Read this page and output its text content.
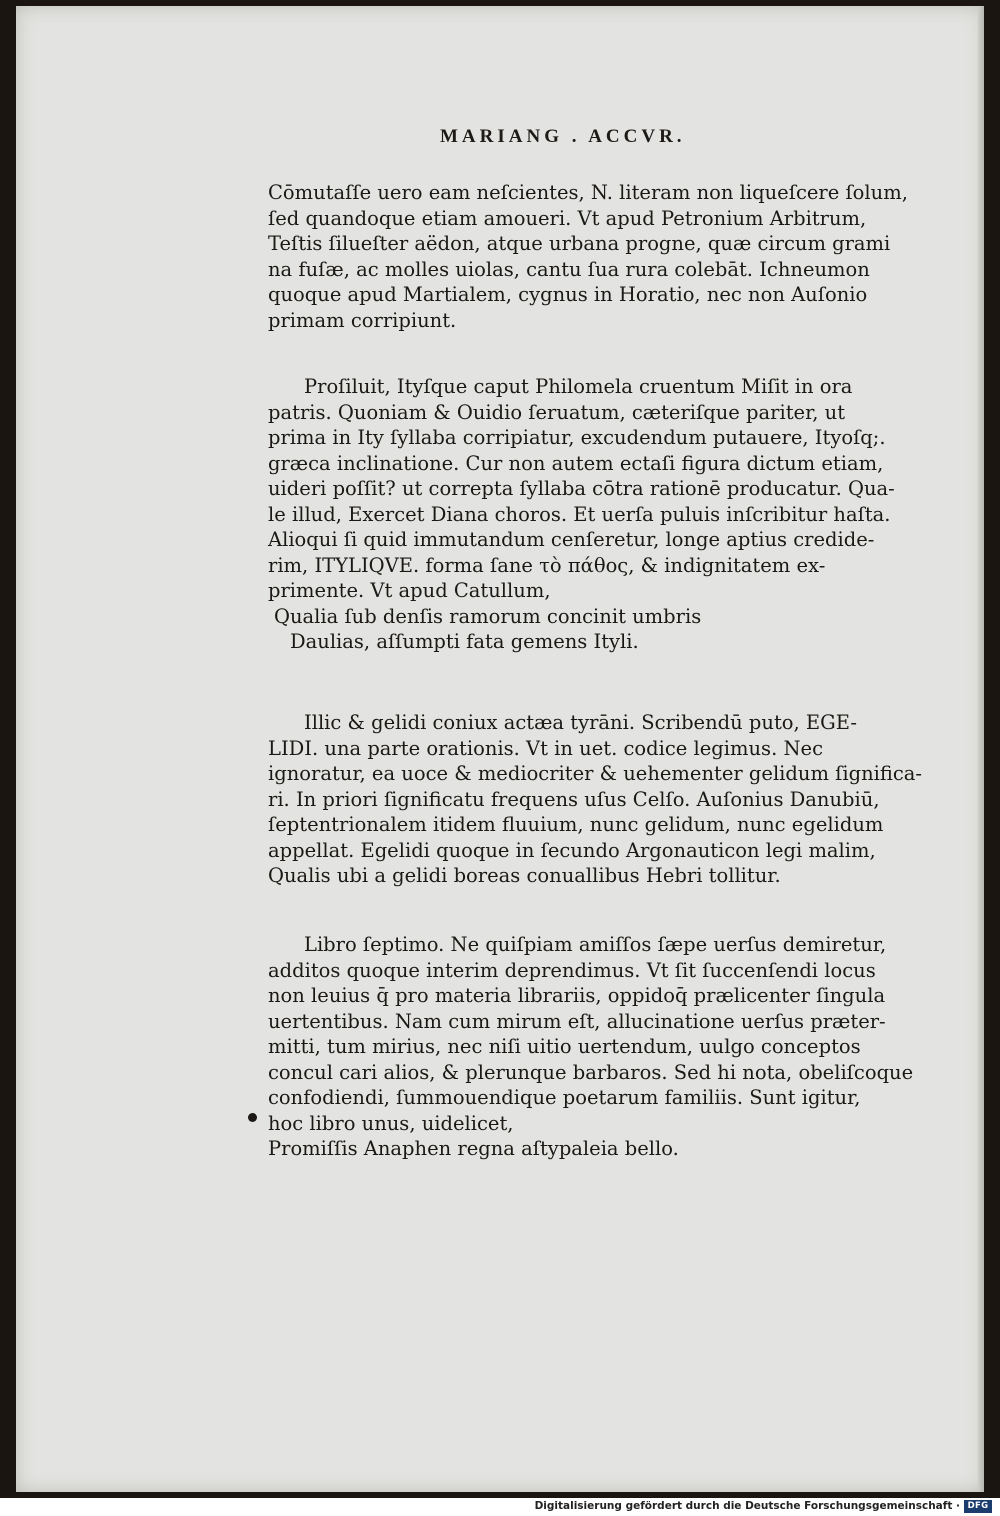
MARIANG . ACCVR.

Cōmutaſſe uero eam neſcientes, N. literam non liqueſcere ſolum,
ſed quandoque etiam amoueri. Vt apud Petronium Arbitrum,
Teſtis ſilueſter aëdon, atque urbana progne, quæ circum grami
na fuſæ, ac molles uiolas, cantu ſua rura colebāt. Ichneumon
quoque apud Martialem, cygnus in Horatio, nec non Auſonio
primam corripiunt.

Proſiluit, Ityſque caput Philomela cruentum Miſit in ora
patris. Quoniam & Ouidio ſeruatum, cæteriſque pariter, ut
prima in Ity ſyllaba corripiatur, excudendum putauere, Ityoſq;.
græca inclinatione. Cur non autem ectaſi figura dictum etiam,
uideri poſſit? ut correpta ſyllaba cōtra rationē producatur. Qua-
le illud, Exercet Diana choros. Et uerſa puluis inſcribitur haſta.
Alioqui ſi quid immutandum cenſeretur, longe aptius credide-
rim, ITYLIQVE. forma ſane τὸ πάθος, & indignitatem ex-
primente. Vt apud Catullum,
Qualia ſub denſis ramorum concinit umbris
Daulias, aſſumpti fata gemens Ityli.

Illic & gelidi coniux actæa tyrāni. Scribendū puto, EGE-
LIDI. una parte orationis. Vt in uet. codice legimus. Nec
ignoratur, ea uoce & mediocriter & uehementer gelidum ſignifica-
ri. In priori ſignificatu frequens uſus Celſo. Auſonius Danubiū,
ſeptentrionalem itidem fluuium, nunc gelidum, nunc egelidum
appellat. Egelidi quoque in ſecundo Argonauticon legi malim,
Qualis ubi a gelidi boreas conuallibus Hebri tollitur.

Libro ſeptimo. Ne quiſpiam amiſſos ſæpe uerſus demiretur,
additos quoque interim deprendimus. Vt ſit ſuccenſendi locus
non leuius q̄ pro materia librariis, oppidoq̄ prælicenter ſingula
uertentibus. Nam cum mirum eſt, allucinatione uerſus præter-
mitti, tum mirius, nec niſi uitio uertendum, uulgo conceptos
concul cari alios, & plerunque barbaros. Sed hi nota, obeliſcoque
confodiendi, ſummouendique poetarum familiis. Sunt igitur,
hoc libro unus, uidelicet,
Promiſſis Anaphen regna aſtypaleia bello.

Digitalisierung gefördert durch die Deutsche Forschungsgemeinschaft · DFG
